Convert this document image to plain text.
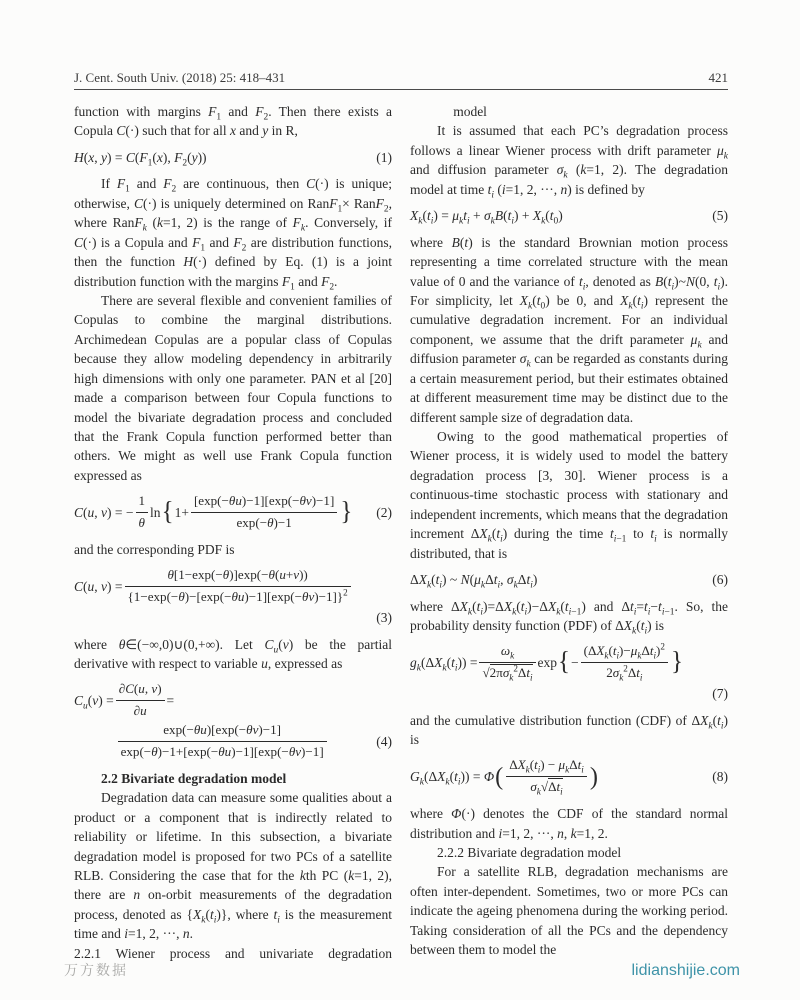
J. Cent. South Univ. (2018) 25: 418–431	421

function with margins $F_1$ and $F_2$. Then there exists a Copula C(·) such that for all x and y in R,

H(x, $y) = C(F_1(x)$, $F_2(y)$)	(1)

If $F_1$ and $F_2$ are continuous, then C(·) is unique; otherwise, C(·) is uniquely determined on RanF$_1$× RanF$_2$, where RanF$_k$ (k=1, 2) is the range of $F_k$. Conversely, if C(·) is a Copula and $F_1$ and $F_2$ are distribution functions, then the function H(·) defined by Eq. (1) is a joint distribution function with the margins $F_1$ and $F_2$.

There are several flexible and convenient families of Copulas to combine the marginal distributions. Archimedean Copulas are a popular class of Copulas because they allow modeling dependency in arbitrarily high dimensions with only one parameter. PAN et al [20] made a comparison between four Copula functions to model the bivariate degradation process and concluded that the Frank Copula function performed better than others. We might as well use Frank Copula function expressed as

C(u, v) = − $\frac{1}{\theta}$ ln { $1+ \frac{[\exp(-\theta u)-1][\exp(-\theta v)-1]}{\exp(-\theta)-1}$ }	(2)

and the corresponding PDF is

C(u, $v) = \frac{\theta[1-\exp(-\theta)]\exp(-\theta(u+v))}{\{1-\exp(-\theta)-[\exp(-\theta u)-1][\exp(-\theta v)-1]\}^2}$
(3)

where θ∈(−∞,0)∪(0,+∞). Let $C_u(v)$ be the partial derivative with respect to variable u, expressed as

$C_u(v) = \frac{\partial C(u, v)}{\partial u}$ =
$\frac{\exp(-\theta u)[\exp(-\theta v)-1]}{\exp(-\theta)-1+[\exp(-\theta u)-1][\exp(-\theta v)-1]}$	(4)

2.2 Bivariate degradation model

Degradation data can measure some qualities about a product or a component that is indirectly related to reliability or lifetime. In this subsection, a bivariate degradation model is proposed for two PCs of a satellite RLB. Considering the case that for the kth PC (k=1, 2), there are n on-orbit measurements of the degradation process, denoted as $\{X_k(t_i)\}$, where $t_i$ is the measurement time and i=1, 2, ···, n.

2.2.1 Wiener process and univariate degradation

model

It is assumed that each PC’s degradation process follows a linear Wiener process with drift parameter $\mu_k$ and diffusion parameter $\sigma_k$ (k=1, 2). The degradation model at time $t_i$ (i=1, 2, ···, n) is defined by

$X_k(t_i) = \mu_kt_i + \sigma_kB(t_i) + X_k(t_0)$	(5)

where B(t) is the standard Brownian motion process representing a time correlated structure with the mean value of 0 and the variance of $t_i$, denoted as $B(t_i)\sim N(0$, $t_i$). For simplicity, let $X_k(t_0)$ be 0, and $X_k(t_i)$ represent the cumulative degradation increment. For an individual component, we assume that the drift parameter $\mu_k$ and diffusion parameter $\sigma_k$ can be regarded as constants during a certain measurement period, but their estimates obtained at different measurement time may be distinct due to the different sample size of degradation data.

Owing to the good mathematical properties of Wiener process, it is widely used to model the battery degradation process [3, 30]. Wiener process is a continuous-time stochastic process with stationary and independent increments, which means that the degradation increment $\Delta X_k(t_i)$ during the time $t_{i-1}$ to $t_i$ is normally distributed, that is

$\Delta X_k(t_i)$ ~ $N(\mu_k\Delta t_i$, $\sigma_k\Delta t_i$)	(6)

where $\Delta X_k(t_i)=\Delta X_k(t_i)-\Delta X_k(t_{i-1})$ and $\Delta t_i=t_i-t_{i-1}$. So, the probability density function (PDF) of $\Delta X_k(t_i)$ is

$g_k(\Delta X_k(t_i)) = \frac{\omega_k}{√2\pi\sigma_k^2\Delta t_i}$ exp { − $\frac{(\Delta X_k(t_i)-\mu_k\Delta t_i)^2}{2\sigma_k^2\Delta t_i}$ }
(7)

and the cumulative distribution function (CDF) of $\Delta X_k(t_i)$ is

$G_k(\Delta X_k(t_i)) = \Phi$ ( $\frac{\Delta X_k(t_i) - \mu_k\Delta t_i}{\sigma_k√\Delta t_i}$ )	(8)

where Φ(·) denotes the CDF of the standard normal distribution and i=1, 2, ···, n, k=1, 2.

2.2.2 Bivariate degradation model

For a satellite RLB, degradation mechanisms are often inter-dependent. Sometimes, two or more PCs can indicate the ageing phenomena during the working period. Taking consideration of all the PCs and the dependency between them to model the

万方数据	lidianshijie.com
